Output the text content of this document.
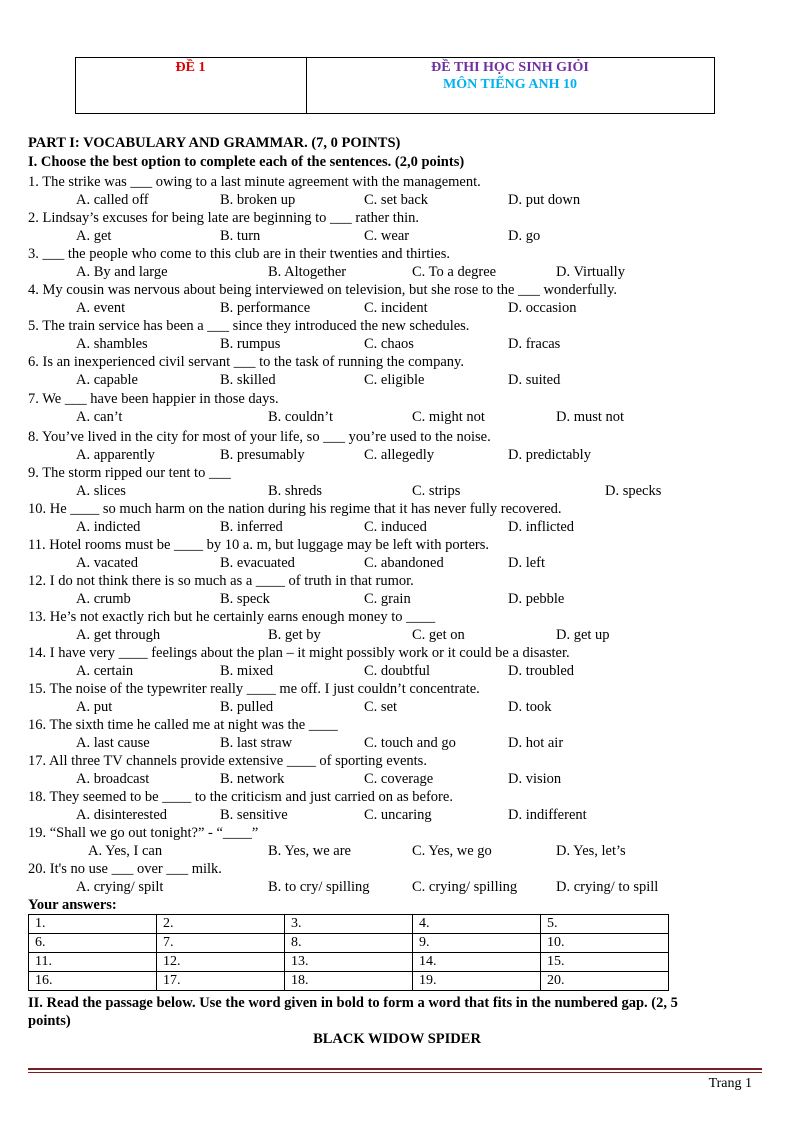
ĐỀ 1	ĐỀ THI HỌC SINH GIỎI
MÔN TIẾNG ANH 10
PART I: VOCABULARY AND GRAMMAR. (7, 0 POINTS)
I. Choose the best option to complete each of the sentences. (2,0 points)
1. The strike was ___ owing to a last minute agreement with the management.
A. called off	B. broken up	C. set back	D. put down
2. Lindsay’s excuses for being late are beginning to ___ rather thin.
A. get	B. turn	C. wear	D. go
3. ___ the people who come to this club are in their twenties and thirties.
A. By and large	B. Altogether	C. To a degree	D. Virtually
4. My cousin was nervous about being interviewed on television, but she rose to the ___ wonderfully.
A. event	B. performance	C. incident	D. occasion
5. The train service has been a ___ since they introduced the new schedules.
A. shambles	B. rumpus	C. chaos	D. fracas
6. Is an inexperienced civil servant ___ to the task of running the company.
A. capable	B. skilled	C. eligible	D. suited
7. We ___ have been happier in those days.
A. can’t	B. couldn’t	C. might not	D. must not
8. You’ve lived in the city for most of your life, so ___ you’re used to the noise.
A. apparently	B. presumably	C. allegedly	D. predictably
9. The storm ripped our tent to ___
A. slices	B. shreds	C. strips	D. specks
10. He ____ so much harm on the nation during his regime that it has never fully recovered.
A. indicted	B. inferred	C. induced	D. inflicted
11. Hotel rooms must be ____ by 10 a. m, but luggage may be left with porters.
A. vacated	B. evacuated	C. abandoned	D. left
12. I do not think there is so much as a ____ of truth in that rumor.
A. crumb	B. speck	C. grain	D. pebble
13. He’s not exactly rich but he certainly earns enough money to ____
A. get through	B. get by	C. get on	D. get up
14. I have very ____ feelings about the plan – it might possibly work or it could be a disaster.
A. certain	B. mixed	C. doubtful	D. troubled
15. The noise of the typewriter really ____ me off. I just couldn’t concentrate.
A. put	B. pulled	C. set	D. took
16. The sixth time he called me at night was the ____
A. last cause	B. last straw	C. touch and go	D. hot air
17. All three TV channels provide extensive ____ of sporting events.
A. broadcast	B. network	C. coverage	D. vision
18. They seemed to be ____ to the criticism and just carried on as before.
A. disinterested	B. sensitive	C. uncaring	D. indifferent
19. “Shall we go out tonight?” - “____”
A. Yes, I can	B. Yes, we are	C. Yes, we go	D. Yes, let’s
20. It's no use ___ over ___ milk.
A. crying/ spilt	B. to cry/ spilling	C. crying/ spilling	D. crying/ to spill
Your answers:
1.	2.	3.	4.	5.
6.	7.	8.	9.	10.
11.	12.	13.	14.	15.
16.	17.	18.	19.	20.
II. Read the passage below. Use the word given in bold to form a word that fits in the numbered gap. (2, 5
points)
BLACK WIDOW SPIDER
Trang 1
